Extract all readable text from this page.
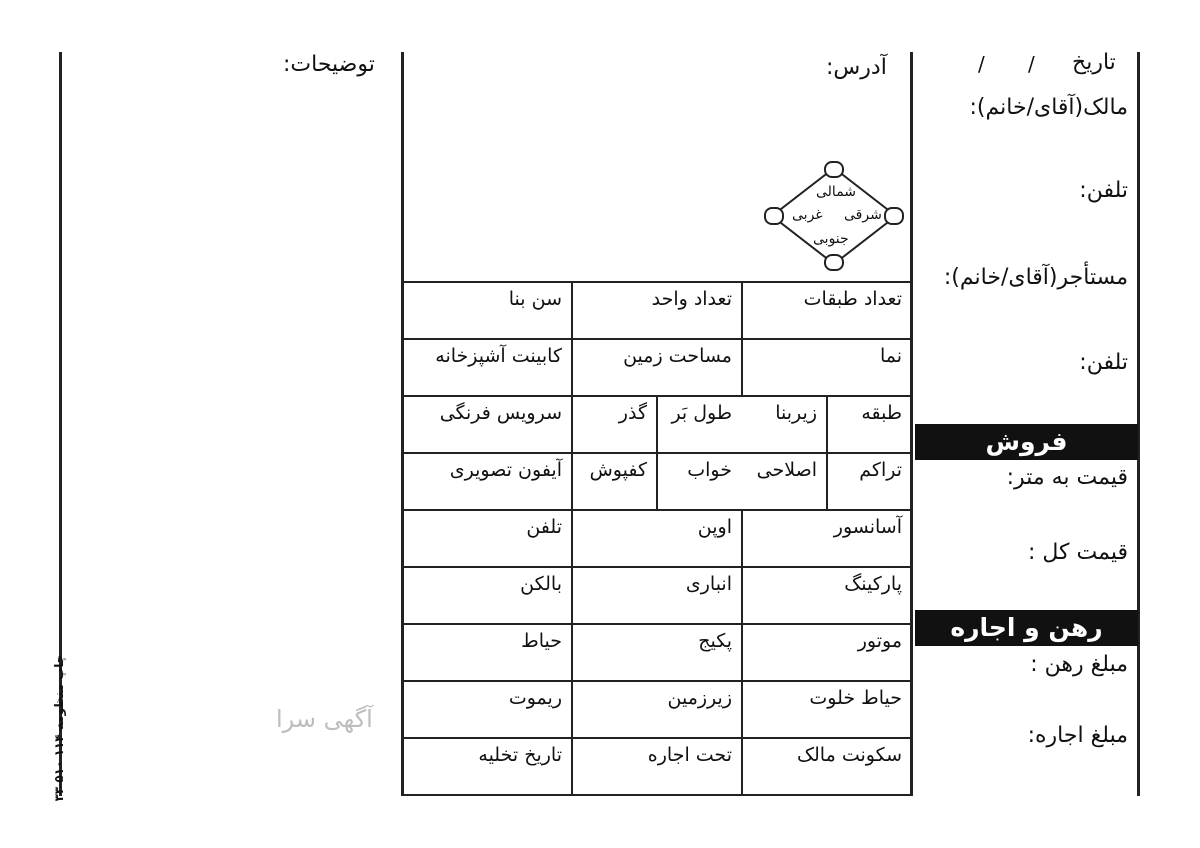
تاریخ
/
/
آدرس:
توضیحات:
شمالی
شرقی
غربی
جنوبی
مالک(آقای/خانم):
تلفن:
مستأجر(آقای/خانم):
تلفن:
فروش
قیمت به متر:
قیمت کل :
رهن و اجاره
مبلغ رهن :
مبلغ اجاره:
تعداد طبقات
تعداد واحد
سن بنا
نما
مساحت زمین
کابینت آشپزخانه
طبقه
زیربنا
طول بَر
گذر
سرویس فرنگی
تراکم
اصلاحی
خواب
کفپوش
آیفون تصویری
آسانسور
اوپن
تلفن
پارکینگ
انباری
بالکن
موتور
پکیج
حیاط
حیاط خلوت
زیرزمین
ریموت
سکونت مالک
تحت اجاره
تاریخ تخلیه
آگهی سرا
چاپ منظومه ۱۱۴ ۵۱۰ ۳۳
